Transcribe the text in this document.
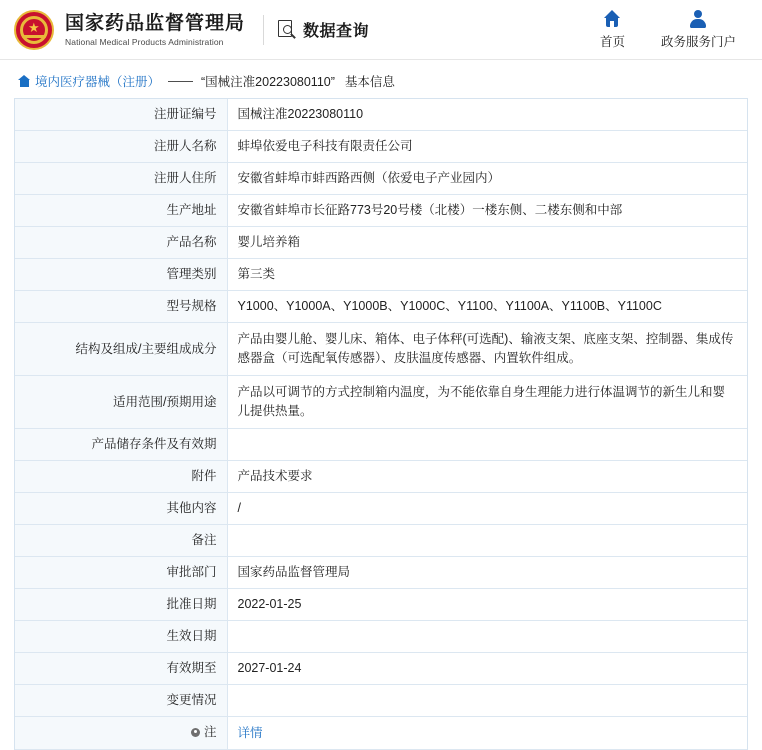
★ 国家药品监督管理局
National Medical Products Administration
数据查询
首页	政务服务门户
境内医疗器械（注册） —— “国械注准20223080110” 基本信息
注册证编号	国械注准20223080110
注册人名称	蚌埠依爱电子科技有限责任公司
注册人住所	安徽省蚌埠市蚌西路西侧（依爱电子产业园内）
生产地址	安徽省蚌埠市长征路773号20号楼（北楼）一楼东侧、二楼东侧和中部
产品名称	婴儿培养箱
管理类别	第三类
型号规格	Y1000、Y1000A、Y1000B、Y1000C、Y1100、Y1100A、Y1100B、Y1100C
结构及组成/主要组成成分	产品由婴儿舱、婴儿床、箱体、电子体秤(可选配)、输液支架、底座支架、控制器、集成传感器盒（可选配氧传感器）、皮肤温度传感器、内置软件组成。
适用范围/预期用途	产品以可调节的方式控制箱内温度，为不能依靠自身生理能力进行体温调节的新生儿和婴儿提供热量。
产品储存条件及有效期	
附件	产品技术要求
其他内容	/
备注	
审批部门	国家药品监督管理局
批准日期	2022-01-25
生效日期	
有效期至	2027-01-24
变更情况	

注	详情
